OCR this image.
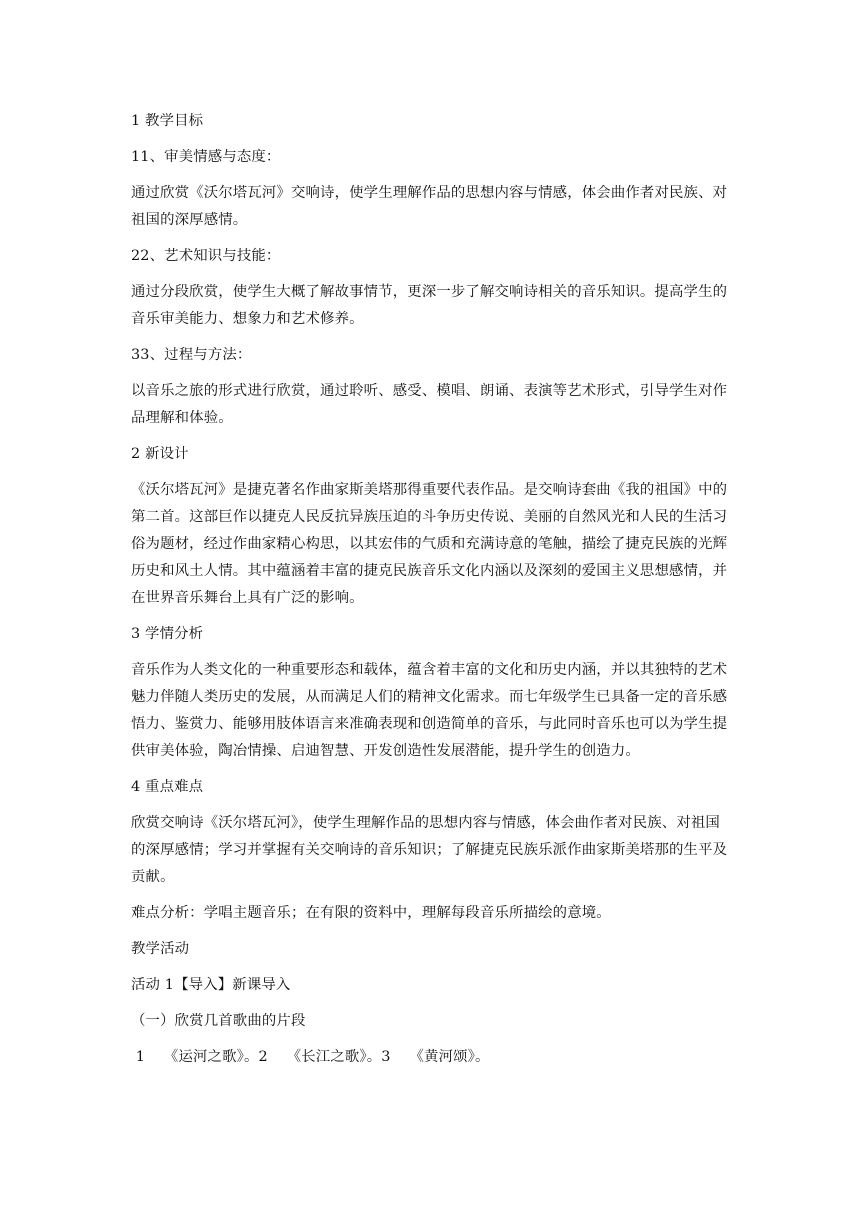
1 教学目标

11、审美情感与态度：

通过欣赏《沃尔塔瓦河》交响诗，使学生理解作品的思想内容与情感，体会曲作者对民族、对祖国的深厚感情。

22、艺术知识与技能：

通过分段欣赏，使学生大概了解故事情节，更深一步了解交响诗相关的音乐知识。提高学生的音乐审美能力、想象力和艺术修养。

33、过程与方法：

以音乐之旅的形式进行欣赏，通过聆听、感受、模唱、朗诵、表演等艺术形式，引导学生对作品理解和体验。

2 新设计

《沃尔塔瓦河》是捷克著名作曲家斯美塔那得重要代表作品。是交响诗套曲《我的祖国》中的第二首。这部巨作以捷克人民反抗异族压迫的斗争历史传说、美丽的自然风光和人民的生活习俗为题材，经过作曲家精心构思，以其宏伟的气质和充满诗意的笔触，描绘了捷克民族的光辉历史和风土人情。其中蕴涵着丰富的捷克民族音乐文化内涵以及深刻的爱国主义思想感情，并在世界音乐舞台上具有广泛的影响。

3 学情分析

音乐作为人类文化的一种重要形态和载体，蕴含着丰富的文化和历史内涵，并以其独特的艺术魅力伴随人类历史的发展，从而满足人们的精神文化需求。而七年级学生已具备一定的音乐感悟力、鉴赏力、能够用肢体语言来准确表现和创造简单的音乐，与此同时音乐也可以为学生提供审美体验，陶冶情操、启迪智慧、开发创造性发展潜能，提升学生的创造力。

4 重点难点

欣赏交响诗《沃尔塔瓦河》，使学生理解作品的思想内容与情感，体会曲作者对民族、对祖国的深厚感情；学习并掌握有关交响诗的音乐知识；了解捷克民族乐派作曲家斯美塔那的生平及贡献。

难点分析：学唱主题音乐；在有限的资料中，理解每段音乐所描绘的意境。

教学活动

活动 1【导入】新课导入

（一）欣赏几首歌曲的片段

1    《运河之歌》。2    《长江之歌》。3    《黄河颂》。
